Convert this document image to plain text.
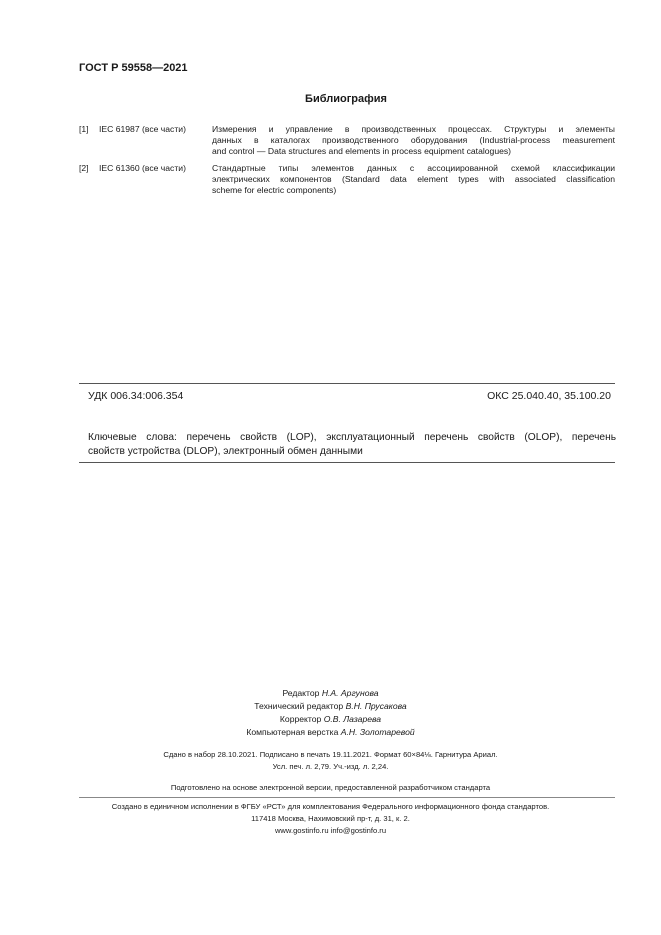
ГОСТ Р 59558—2021
Библиография
[1] IEC 61987 (все части)	Измерения и управление в производственных процессах. Структуры и элементы
данных в каталогах производственного оборудования (Industrial-process measurement
and control — Data structures and elements in process equipment catalogues)
[2] IEC 61360 (все части)	Стандартные типы элементов данных с ассоциированной схемой классификации
электрических компонентов (Standard data element types with associated classification
scheme for electric components)
УДК 006.34:006.354	ОКС 25.040.40, 35.100.20
Ключевые слова: перечень свойств (LOP), эксплуатационный перечень свойств (OLOP), перечень
свойств устройства (DLOP), электронный обмен данными
Редактор Н.А. Аргунова
Технический редактор В.Н. Прусакова
Корректор О.В. Лазарева
Компьютерная верстка А.Н. Золотаревой
Сдано в набор 28.10.2021. Подписано в печать 19.11.2021. Формат 60×84⅛. Гарнитура Ариал.
Усл. печ. л. 2,79. Уч.-изд. л. 2,24.
Подготовлено на основе электронной версии, предоставленной разработчиком стандарта
Создано в единичном исполнении в ФГБУ «РСТ» для комплектования Федерального информационного фонда стандартов.
117418 Москва, Нахимовский пр-т, д. 31, к. 2.
www.gostinfo.ru info@gostinfo.ru
